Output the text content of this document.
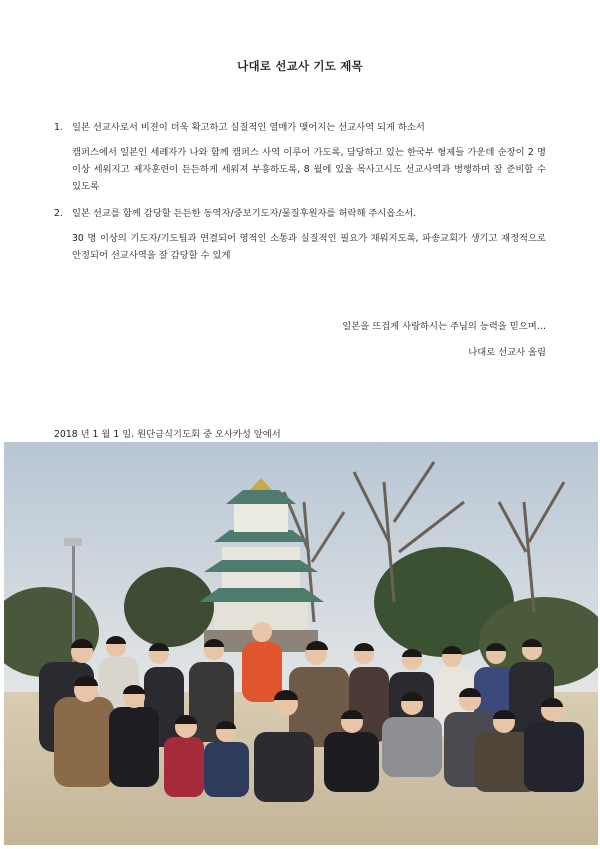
나대로 선교사 기도 제목
1. 일본 선교사로서 비젼이 더욱 확고하고 실질적인 열매가 맺어지는 선교사역 되게 하소서
캠퍼스에서 일본인 세례자가 나와 함께 캠퍼스 사역 이루어 가도록, 담당하고 있는 한국부 형제들 가운데 순장이 2 명이상 세워지고 제자훈련이 든든하게 세워져 부흥하도록, 8 월에 있을 목사고시도 선교사역과 병행하며 잘 준비할 수 있도록
2. 일본 선교를 함께 감당할 든든한 동역자/중보기도자/물질후원자를 허락해 주시옵소서.
30 명 이상의 기도자/기도팀과 연결되어 영적인 소통과 실질적인 필요가 채워지도록, 파송교회가 생기고 재정적으로 안정되어 선교사역을 잘 감당할 수 있게
일본을 뜨겁게 사랑하시는 주님의 능력을 믿으며…
나대로 선교사 올림
2018 년 1 월 1 일. 원단금식기도회 중 오사카성 앞에서
